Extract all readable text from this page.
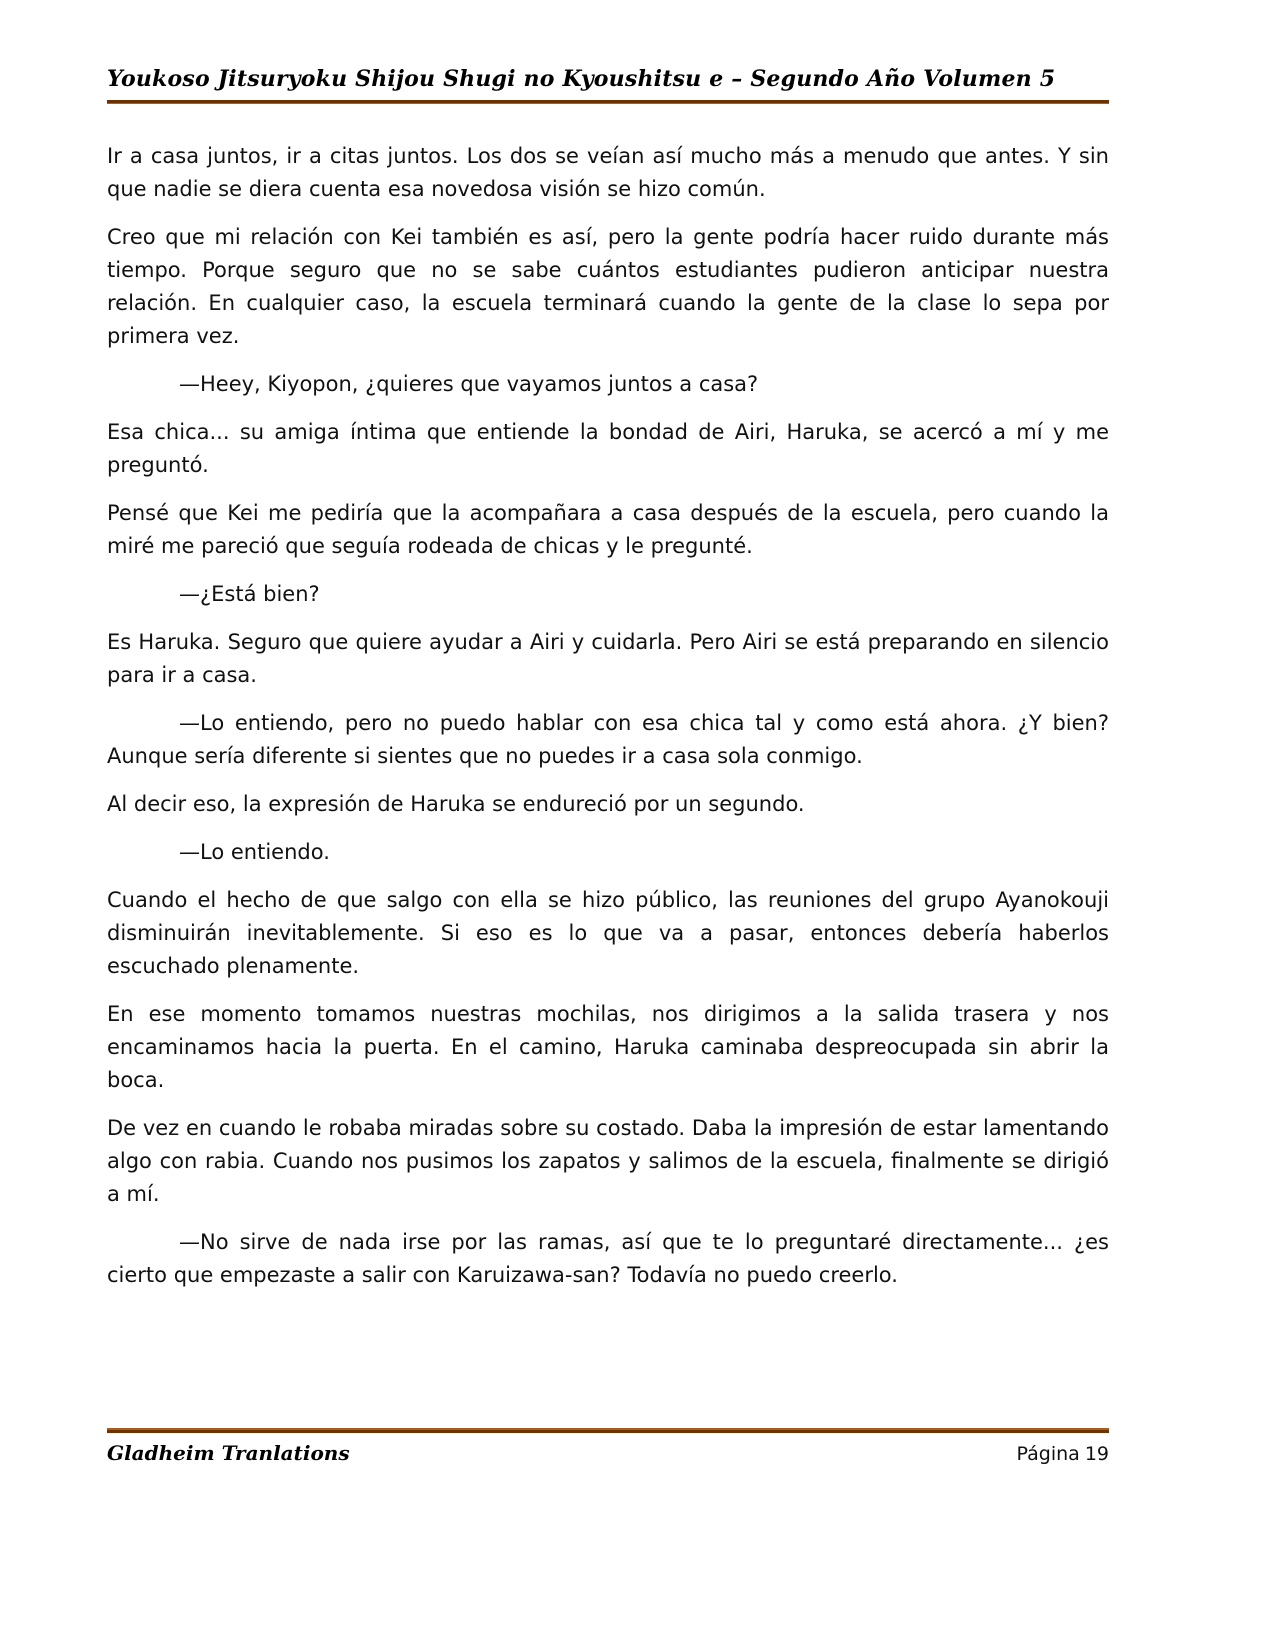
Youkoso Jitsuryoku Shijou Shugi no Kyoushitsu e – Segundo Año Volumen 5

Ir a casa juntos, ir a citas juntos. Los dos se veían así mucho más a menudo que antes. Y sin que nadie se diera cuenta esa novedosa visión se hizo común.

Creo que mi relación con Kei también es así, pero la gente podría hacer ruido durante más tiempo. Porque seguro que no se sabe cuántos estudiantes pudieron anticipar nuestra relación. En cualquier caso, la escuela terminará cuando la gente de la clase lo sepa por primera vez.

—Heey, Kiyopon, ¿quieres que vayamos juntos a casa?

Esa chica... su amiga íntima que entiende la bondad de Airi, Haruka, se acercó a mí y me preguntó.

Pensé que Kei me pediría que la acompañara a casa después de la escuela, pero cuando la miré me pareció que seguía rodeada de chicas y le pregunté.

—¿Está bien?

Es Haruka. Seguro que quiere ayudar a Airi y cuidarla. Pero Airi se está preparando en silencio para ir a casa.

—Lo entiendo, pero no puedo hablar con esa chica tal y como está ahora. ¿Y bien? Aunque sería diferente si sientes que no puedes ir a casa sola conmigo.

Al decir eso, la expresión de Haruka se endureció por un segundo.

—Lo entiendo.

Cuando el hecho de que salgo con ella se hizo público, las reuniones del grupo Ayanokouji disminuirán inevitablemente. Si eso es lo que va a pasar, entonces debería haberlos escuchado plenamente.

En ese momento tomamos nuestras mochilas, nos dirigimos a la salida trasera y nos encaminamos hacia la puerta. En el camino, Haruka caminaba despreocupada sin abrir la boca.

De vez en cuando le robaba miradas sobre su costado. Daba la impresión de estar lamentando algo con rabia. Cuando nos pusimos los zapatos y salimos de la escuela, finalmente se dirigió a mí.

—No sirve de nada irse por las ramas, así que te lo preguntaré directamente... ¿es cierto que empezaste a salir con Karuizawa-san? Todavía no puedo creerlo.

Gladheim Tranlations	Página 19
